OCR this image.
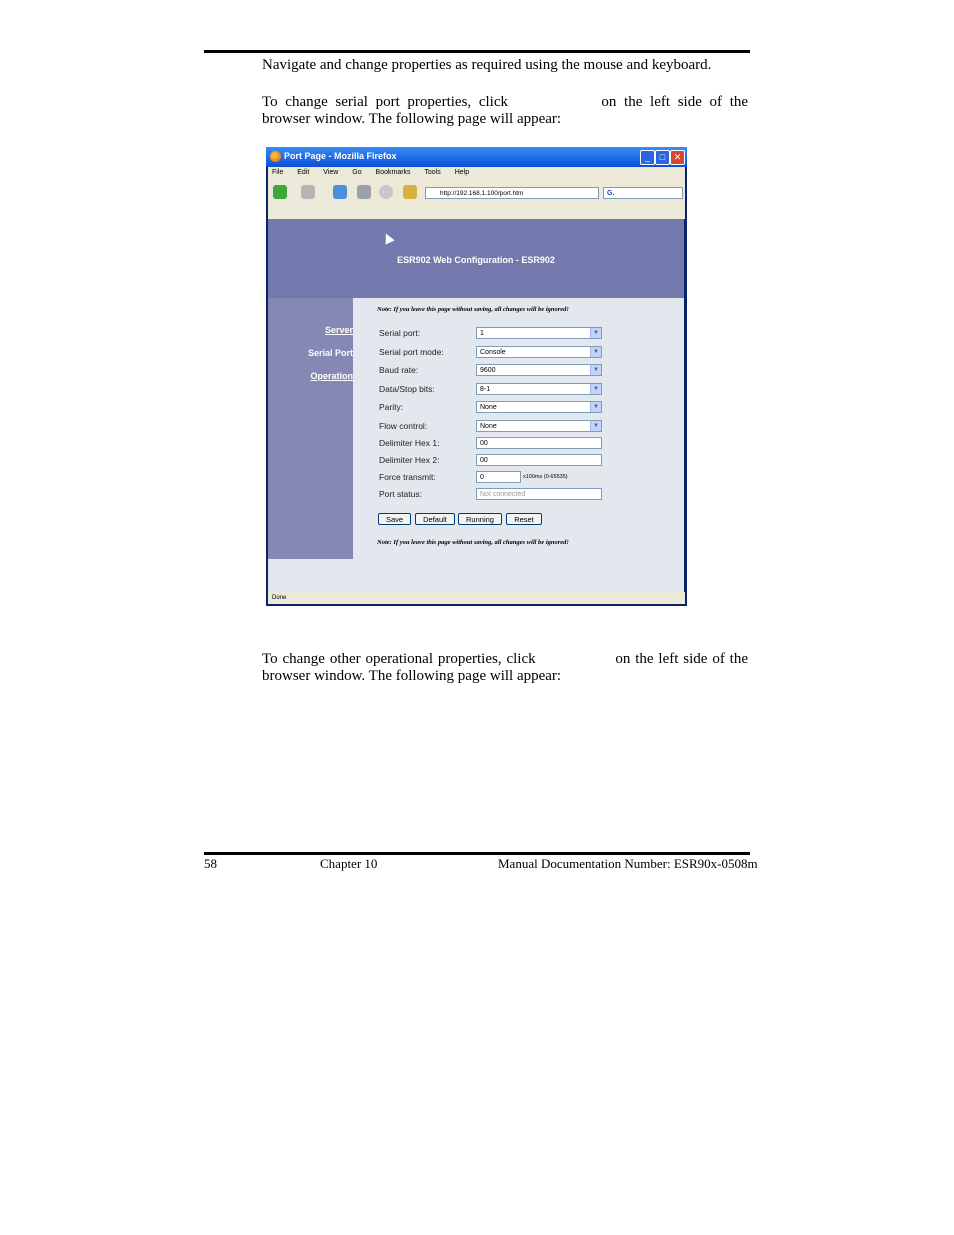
Navigate and change properties as required using the mouse and keyboard.
To change serial port properties, click	on the left side of the browser window. The following page will appear:
Port Page - Mozilla Firefox	_	□ ✕
File Edit View Go Bookmarks Tools Help
http://192.168.1.100/port.htm	G.
ESR902 Web Configuration - ESR902
Server
Serial Port
Operation
Note: If you leave this page without saving, all changes will be ignored!
Serial port:	1	▼
Serial port mode:	Console	▼
Baud rate:	9600	▼
Data/Stop bits:	8-1	▼
Parity:	None	▼
Flow control:	None	▼
Delimiter Hex 1:	00
Delimiter Hex 2:	00
Force transmit:	0	x100ms (0-65535)
Port status:	Not connected
Save	Default	Running	Reset
Note: If you leave this page without saving, all changes will be ignored!
Done
To change other operational properties, click	on the left side of the browser window. The following page will appear:
58	Chapter 10	Manual Documentation Number: ESR90x-0508m
